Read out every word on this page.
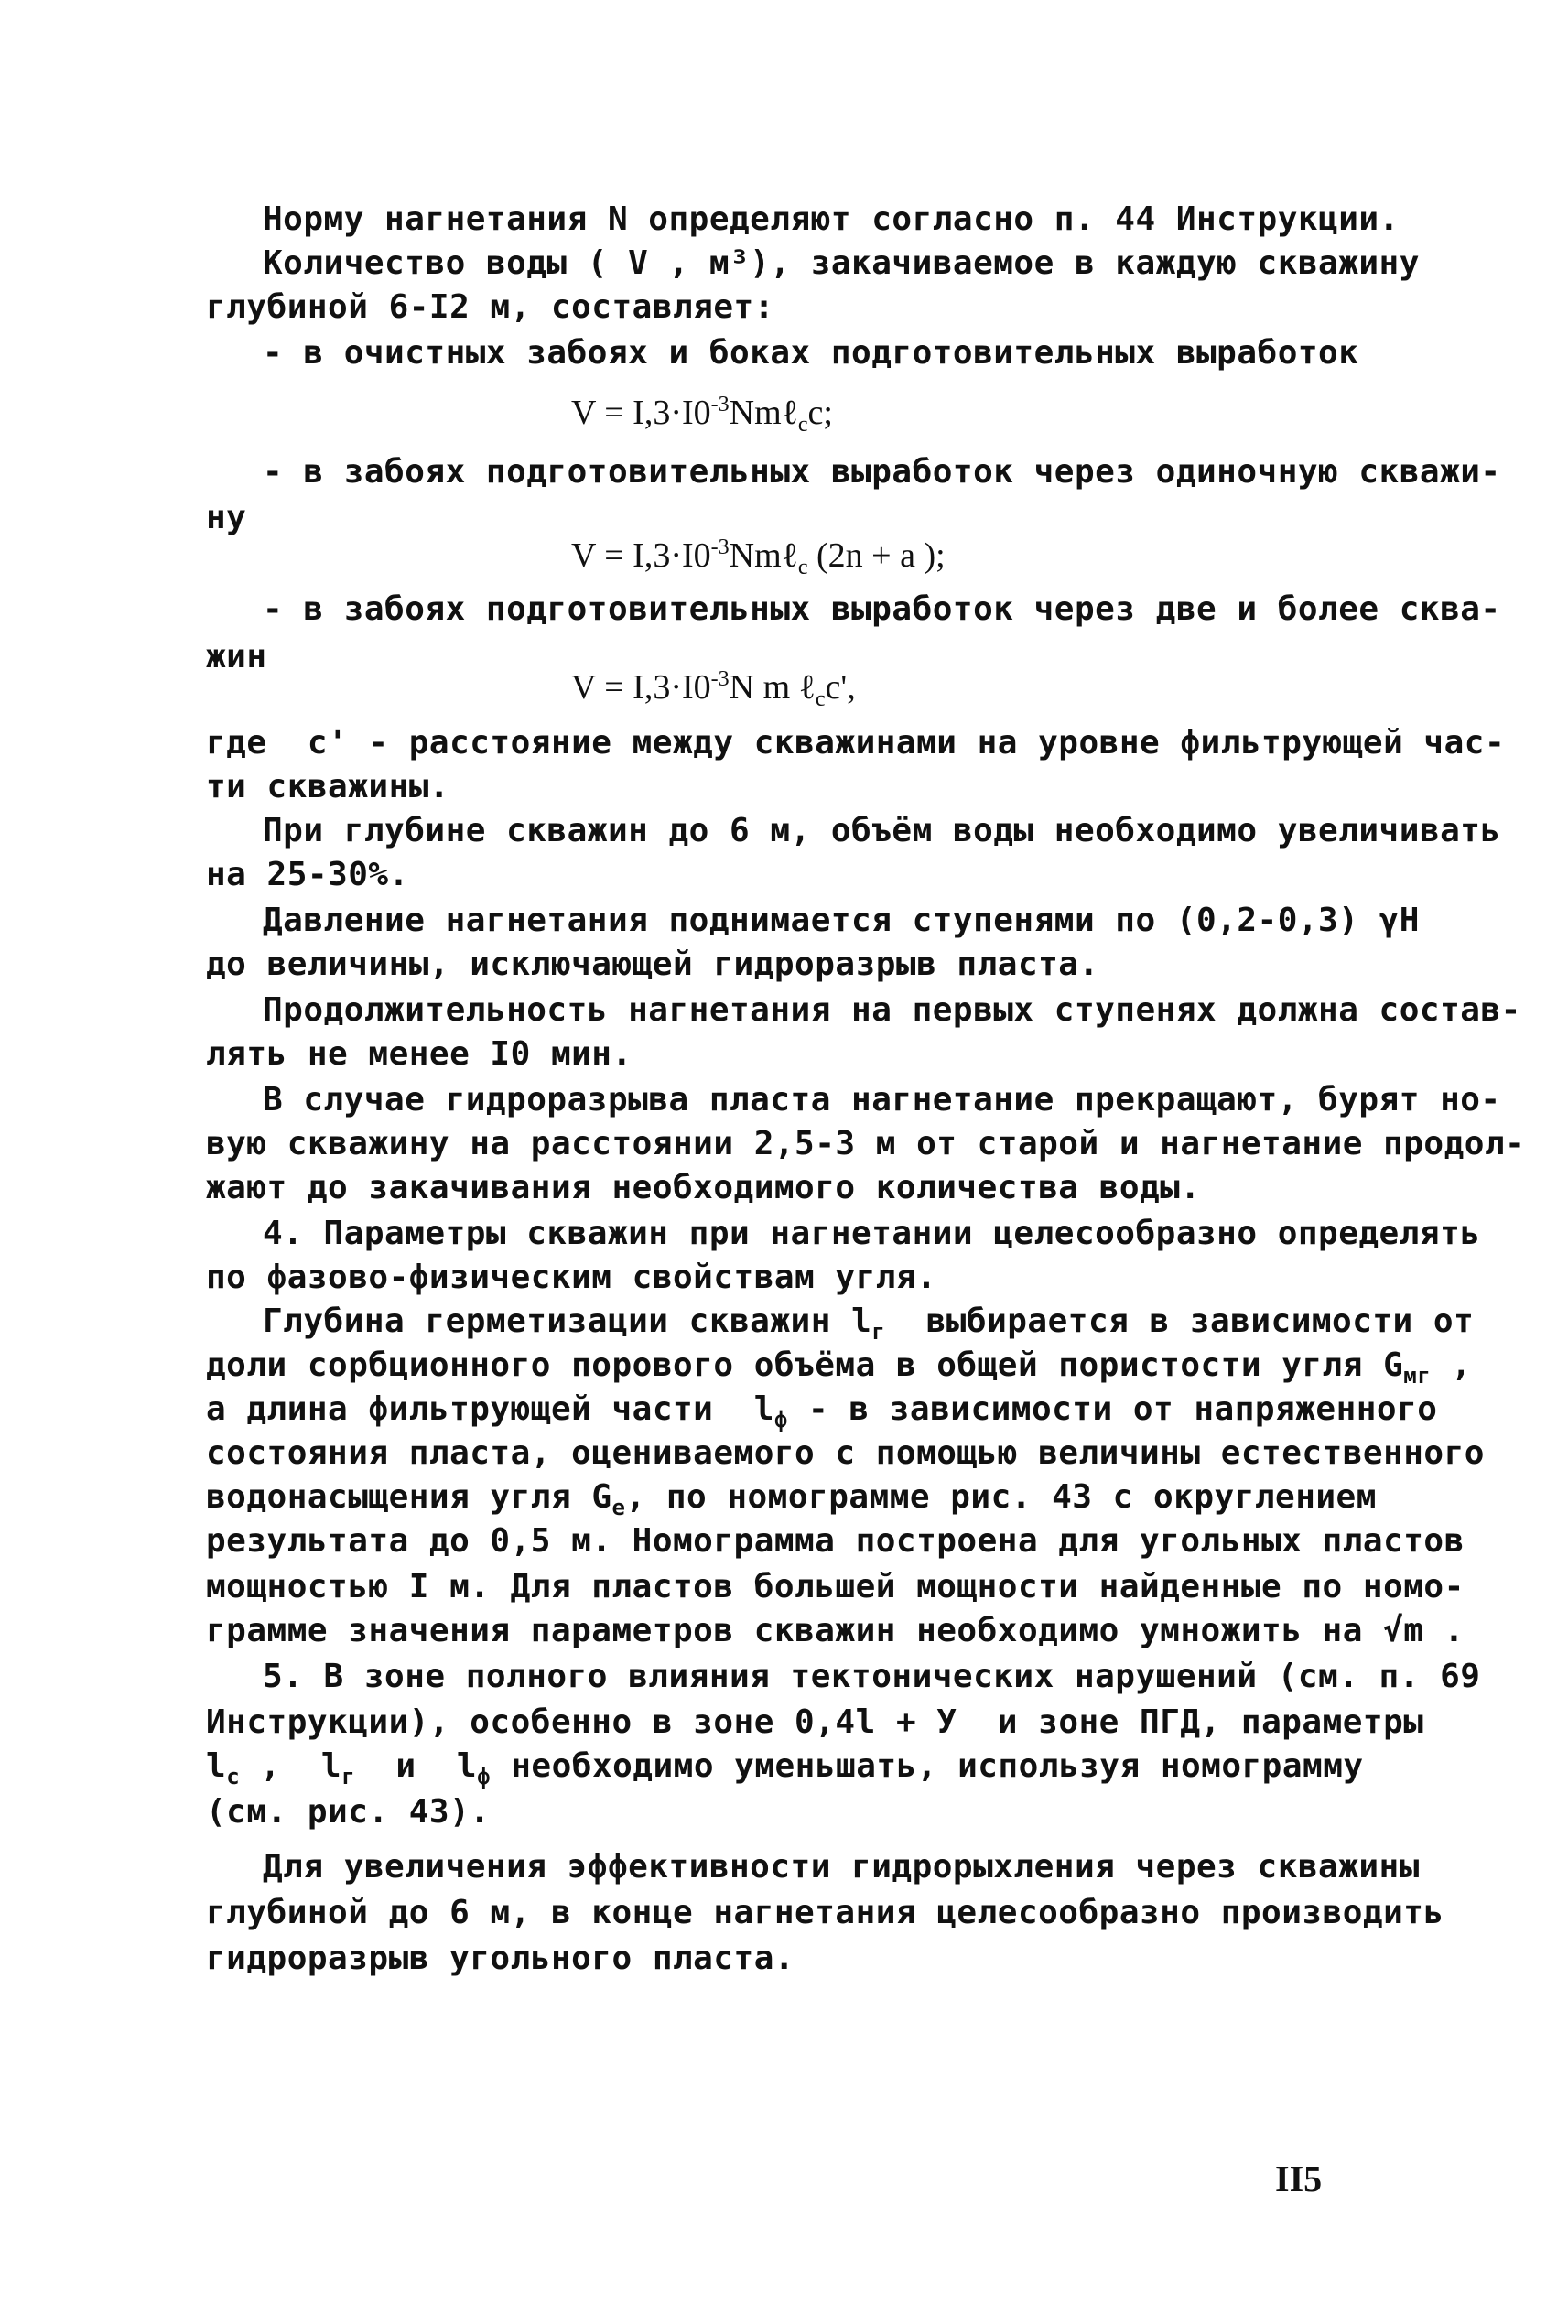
Норму нагнетания N определяют согласно п. 44 Инструкции.
Количество воды ( V , м³), закачиваемое в каждую скважину
глубиной 6-I2 м, составляет:
- в очистных забоях и боках подготовительных выработок
$V = I,3\cdot I0^{-3}Nm\ell_cc$;
- в забоях подготовительных выработок через одиночную скважи-
ну
$V = I,3\cdot I0^{-3}Nm\ell_c$ (2n + a );
- в забоях подготовительных выработок через две и более сква-
жин
$V = I,3\cdot I0^{-3}N$ m ℓ$_c$c',
где  c' - расстояние между скважинами на уровне фильтрующей час-
ти скважины.
При глубине скважин до 6 м, объём воды необходимо увеличивать
на 25-30%.
Давление нагнетания поднимается ступенями по (0,2-0,3) γH
до величины, исключающей гидроразрыв пласта.
Продолжительность нагнетания на первых ступенях должна состав-
лять не менее I0 мин.
В случае гидроразрыва пласта нагнетание прекращают, бурят но-
вую скважину на расстоянии 2,5-3 м от старой и нагнетание продол-
жают до закачивания необходимого количества воды.
4. Параметры скважин при нагнетании целесообразно определять
по фазово-физическим свойствам угля.
Глубина герметизации скважин $l_г$ выбирается в зависимости от
доли сорбционного порового объёма в общей пористости угля $G_{мг}$ ,
а длина фильтрующей части $l_ф$ - в зависимости от напряженного
состояния пласта, оцениваемого с помощью величины естественного
водонасыщения угля $G_e$, по номограмме рис. 43 с округлением
результата до 0,5 м. Номограмма построена для угольных пластов
мощностью I м. Для пластов большей мощности найденные по номо-
грамме значения параметров скважин необходимо умножить на √m .
5. В зоне полного влияния тектонических нарушений (см. п. 69
Инструкции), особенно в зоне 0,4l + У  и зоне ПГД, параметры
$l_c$ , $l_г$ и $l_ф$ необходимо уменьшать, используя номограмму
(см. рис. 43).
Для увеличения эффективности гидрорыхления через скважины
глубиной до 6 м, в конце нагнетания целесообразно производить
гидроразрыв угольного пласта.
II5
